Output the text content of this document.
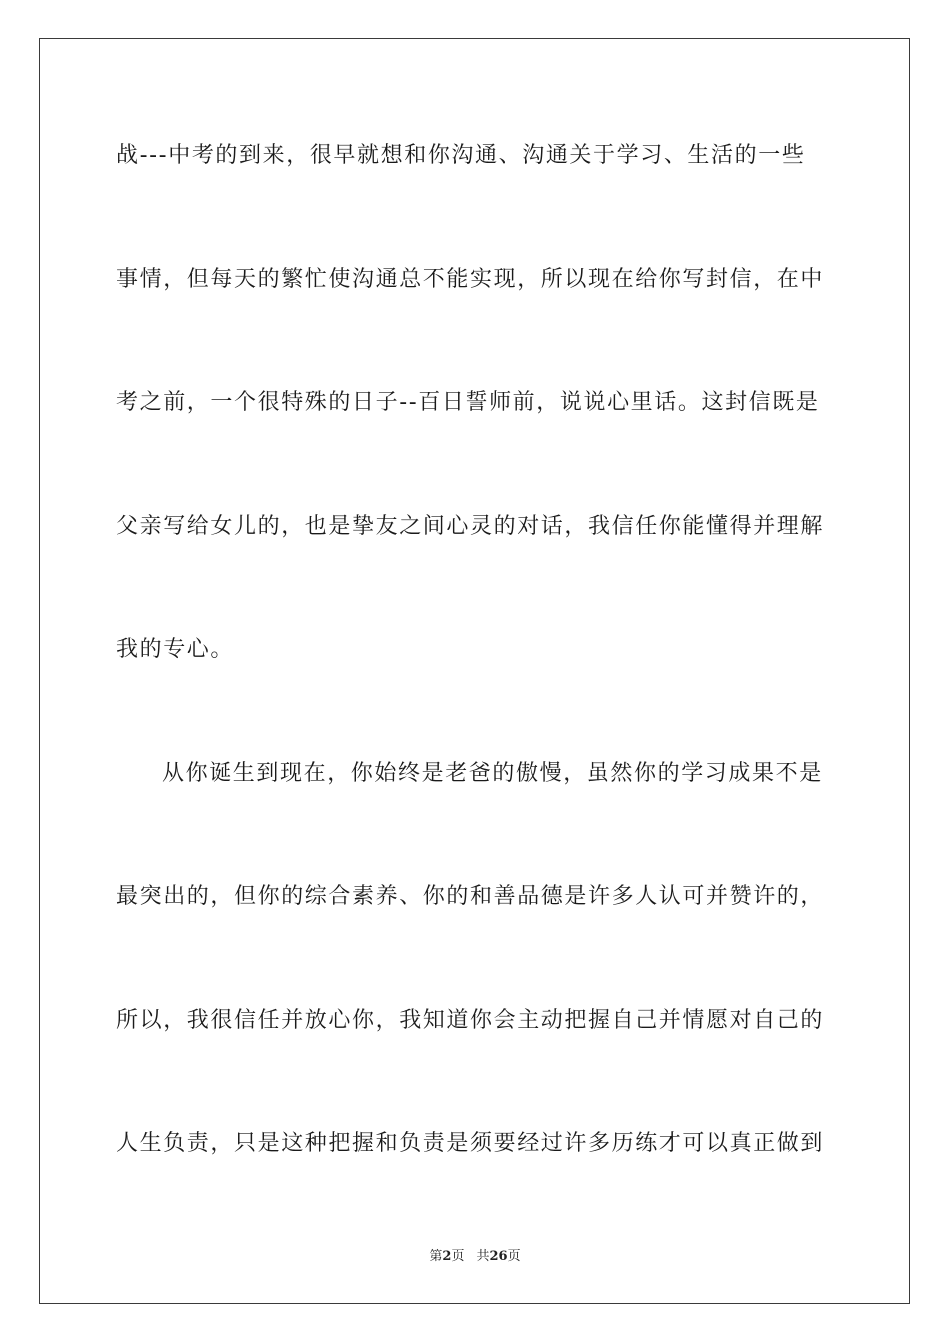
战---中考的到来，很早就想和你沟通、沟通关于学习、生活的一些
事情，但每天的繁忙使沟通总不能实现，所以现在给你写封信，在中
考之前，一个很特殊的日子--百日誓师前，说说心里话。这封信既是
父亲写给女儿的，也是挚友之间心灵的对话，我信任你能懂得并理解
我的专心。
从你诞生到现在，你始终是老爸的傲慢，虽然你的学习成果不是
最突出的，但你的综合素养、你的和善品德是许多人认可并赞许的，
所以，我很信任并放心你，我知道你会主动把握自己并情愿对自己的
人生负责，只是这种把握和负责是须要经过许多历练才可以真正做到
第2页 共26页
